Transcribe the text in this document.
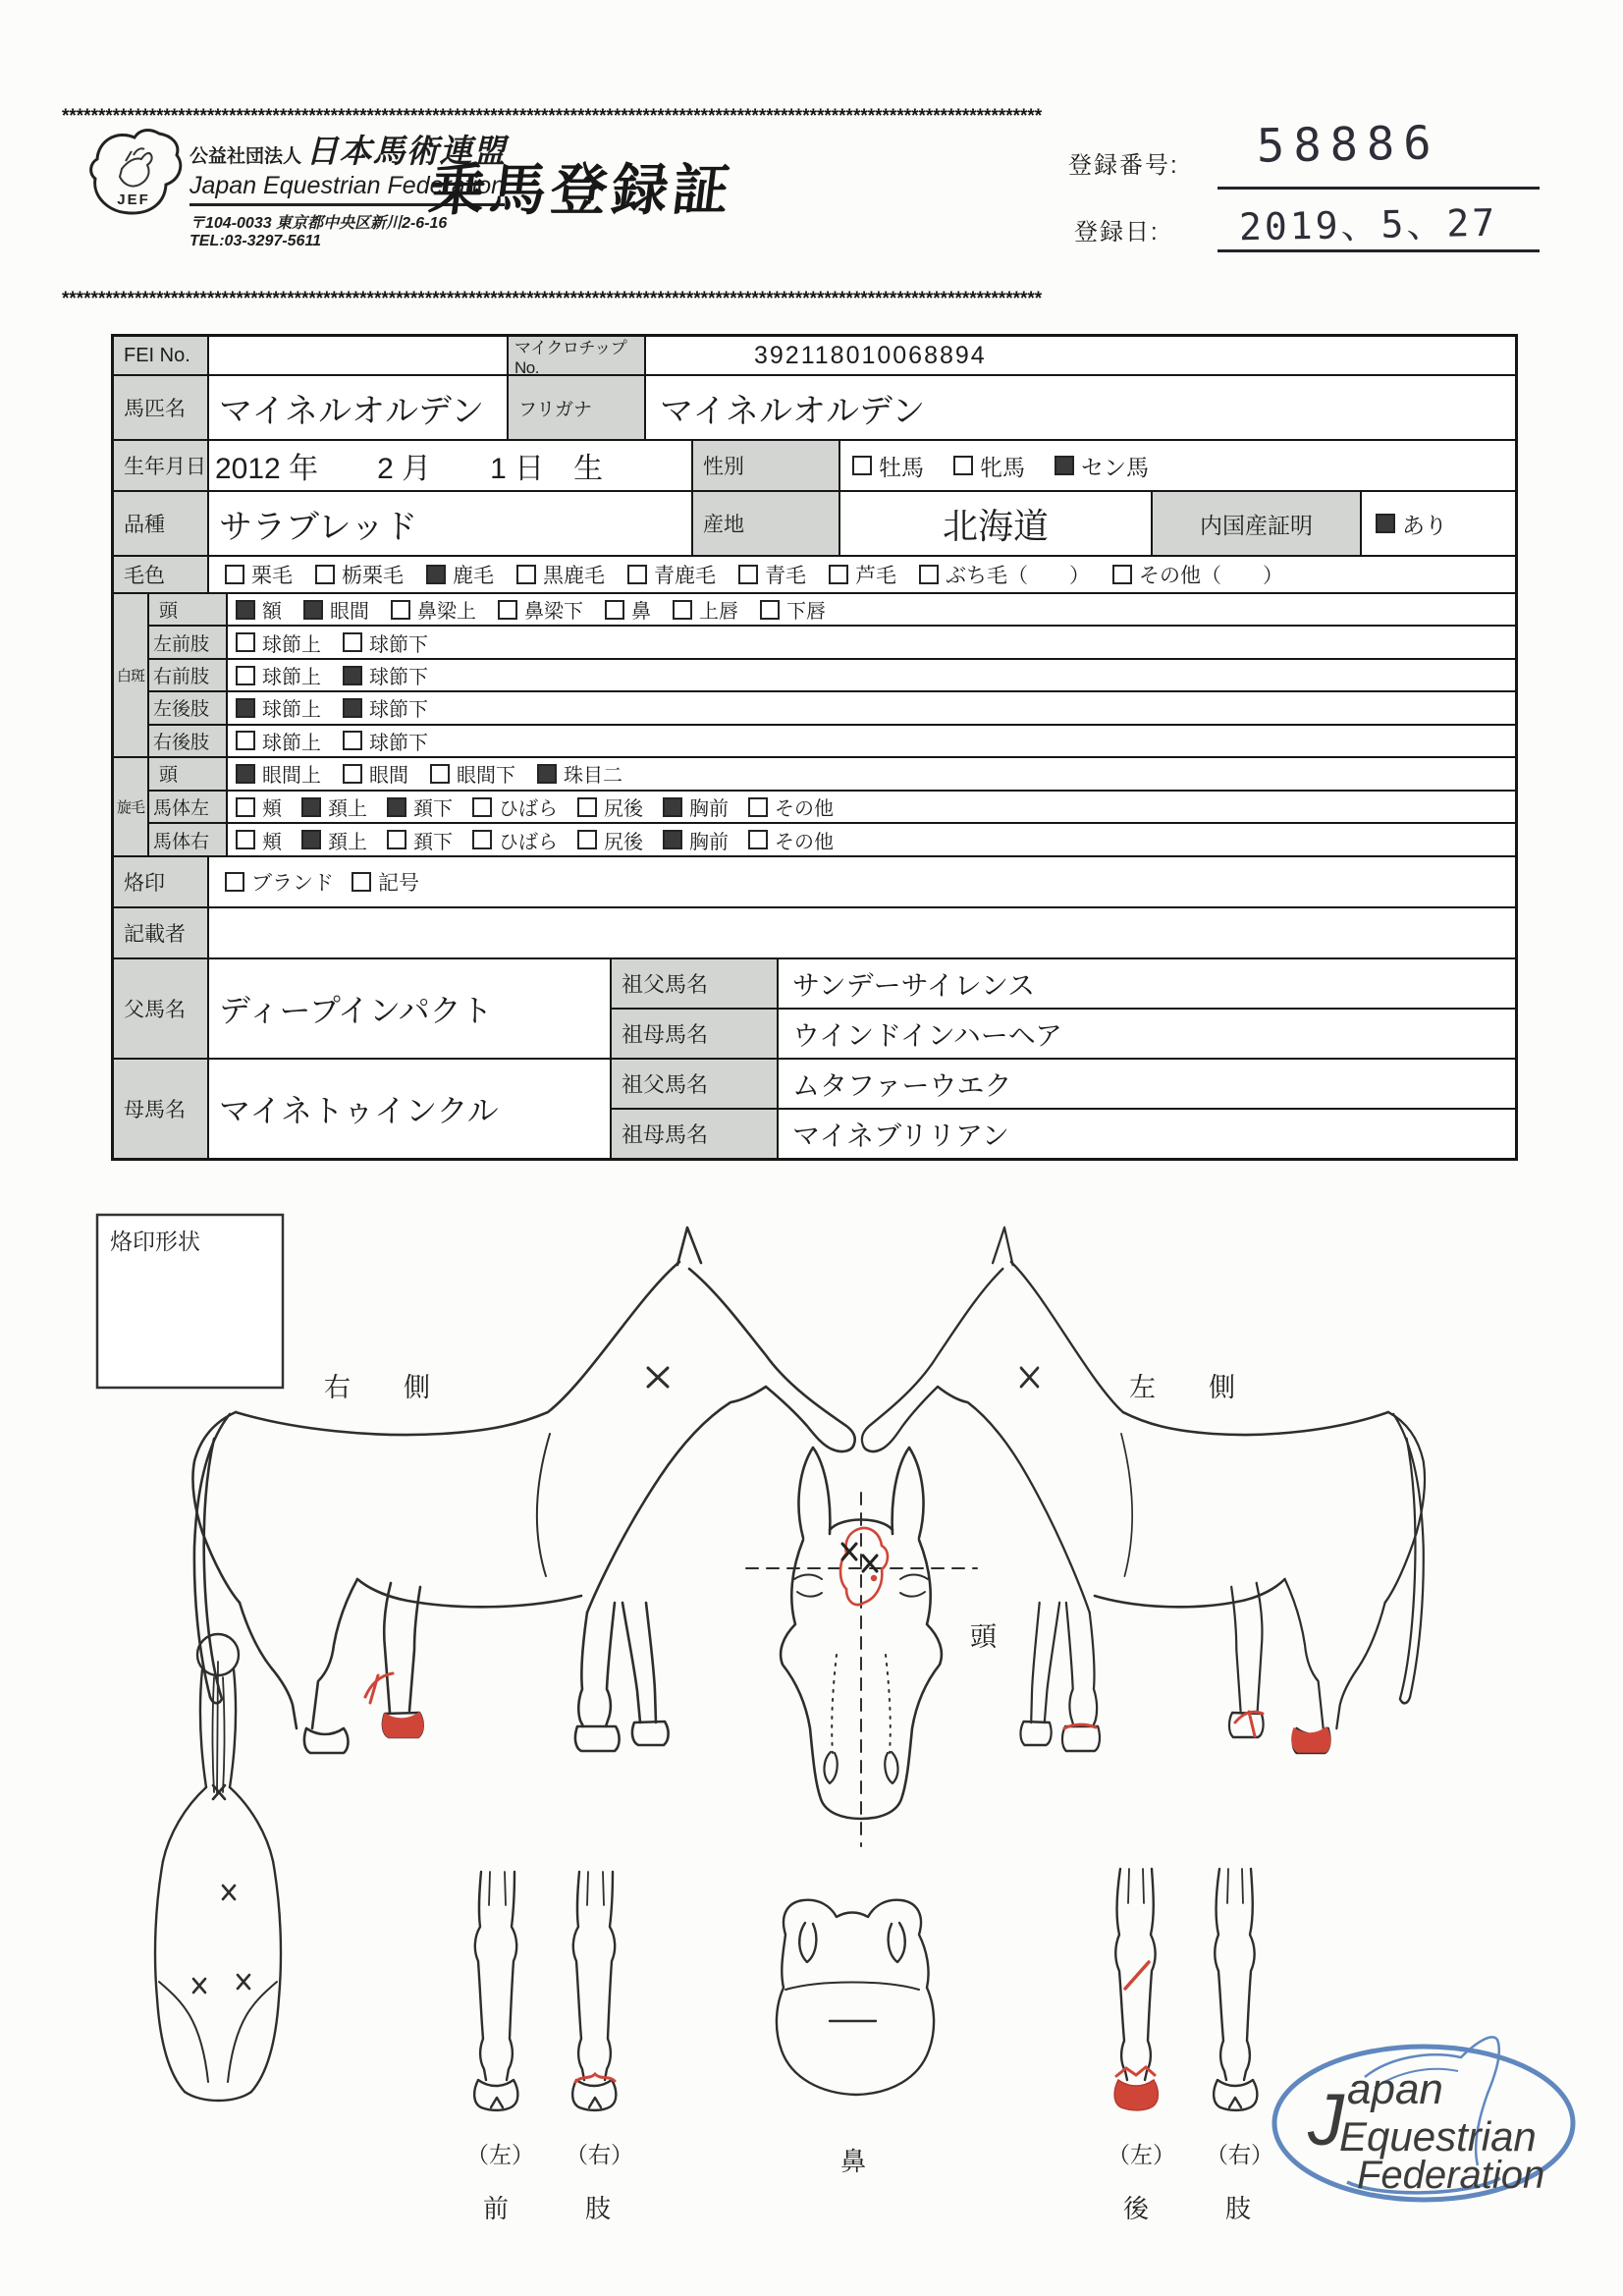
***************************************************************************************************************************************
***************************************************************************************************************************************
JEF
公益社団法人 日本馬術連盟
Japan Equestrian Federation
〒104-0033 東京都中央区新川2-6-16
TEL:03-3297-5611
乗馬登録証	登録番号: 58886
登録日: 2019、5、27
FEI No.	マイクロチップNo.	392118010068894
馬匹名	マイネルオルデン	フリガナ	マイネルオルデン
生年月日 2012 年　　2 月　　1 日　生	性別	牡馬 牝馬 セン馬
品種	サラブレッド	産地	北海道	内国産証明	あり
毛色	栗毛 栃栗毛 鹿毛 黒鹿毛 青鹿毛 青毛 芦毛 ぶち毛（　　） その他（　　）
白斑
頭	額 眼間 鼻梁上 鼻梁下 鼻 上唇 下唇
左前肢	球節上 球節下
右前肢	球節上 球節下
左後肢	球節上 球節下
右後肢	球節上 球節下
旋毛
頭	眼間上 眼間 眼間下 珠目二
馬体左	頬 頚上 頚下 ひばら 尻後 胸前 その他
馬体右	頬 頚上 頚下 ひばら 尻後 胸前 その他
烙印	ブランド 記号
記載者
父馬名	ディープインパクト
祖父馬名	サンデーサイレンス
祖母馬名	ウインドインハーヘア
母馬名	マイネトゥインクル
祖父馬名	ムタファーウエク
祖母馬名	マイネブリリアン
烙印形状
右　　側	左　　側
頭
（左） （右）
前　　　肢
鼻	（左） （右）
後　　　肢
J apan
Equestrian
Federation
